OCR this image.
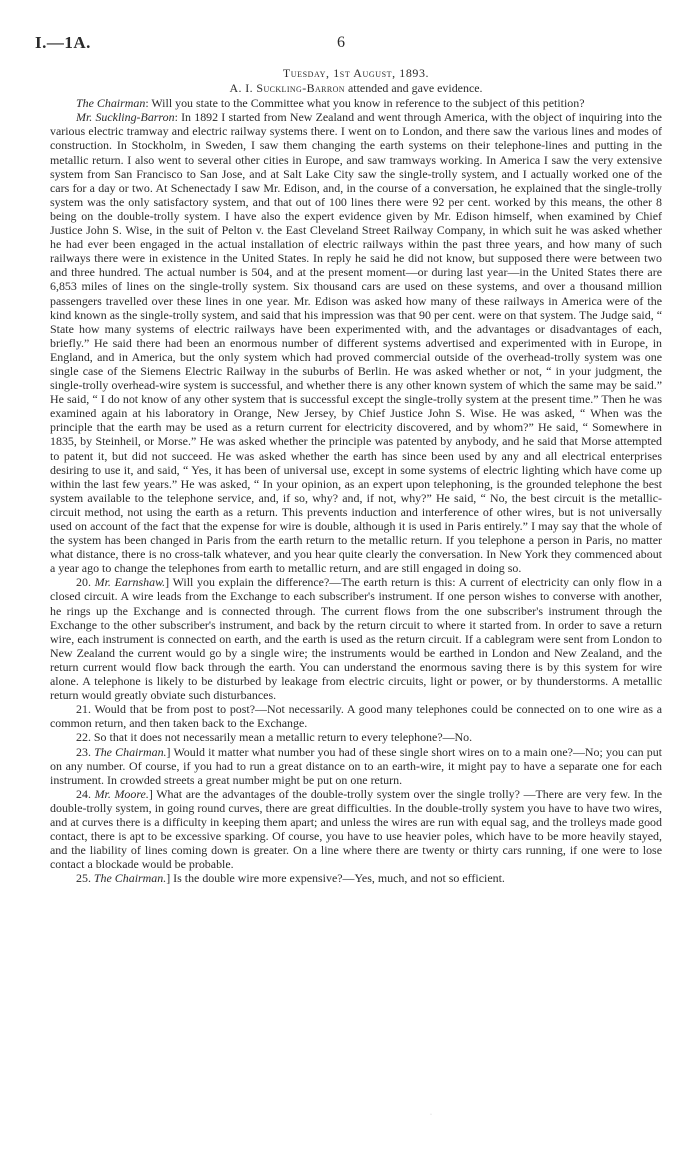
I.—1A.	6
Tuesday, 1st August, 1893.
A. I. Suckling-Barron attended and gave evidence.

The Chairman: Will you state to the Committee what you know in reference to the subject of this petition?

Mr. Suckling-Barron: In 1892 I started from New Zealand and went through America, with the object of inquiring into the various electric tramway and electric railway systems there. I went on to London, and there saw the various lines and modes of construction. In Stockholm, in Sweden, I saw them changing the earth systems on their telephone-lines and putting in the metallic return. I also went to several other cities in Europe, and saw tramways working. In America I saw the very extensive system from San Francisco to San Jose, and at Salt Lake City saw the single-trolly system, and I actually worked one of the cars for a day or two. At Schenectady I saw Mr. Edison, and, in the course of a conversation, he explained that the single-trolly system was the only satisfactory system, and that out of 100 lines there were 92 per cent. worked by this means, the other 8 being on the double-trolly system. I have also the expert evidence given by Mr. Edison himself, when examined by Chief Justice John S. Wise, in the suit of Pelton v. the East Cleveland Street Railway Company, in which suit he was asked whether he had ever been engaged in the actual installation of electric railways within the past three years, and how many of such railways there were in existence in the United States. In reply he said he did not know, but supposed there were between two and three hundred. The actual number is 504, and at the present moment—or during last year—in the United States there are 6,853 miles of lines on the single-trolly system. Six thousand cars are used on these systems, and over a thousand million passengers travelled over these lines in one year. Mr. Edison was asked how many of these railways in America were of the kind known as the single-trolly system, and said that his impression was that 90 per cent. were on that system. The Judge said, “ State how many systems of electric railways have been experimented with, and the advantages or disadvantages of each, briefly.” He said there had been an enormous number of different systems advertised and experimented with in Europe, in England, and in America, but the only system which had proved commercial outside of the overhead-trolly system was one single case of the Siemens Electric Railway in the suburbs of Berlin. He was asked whether or not, “ in your judgment, the single-trolly overhead-wire system is successful, and whether there is any other known system of which the same may be said.” He said, “ I do not know of any other system that is successful except the single-trolly system at the present time.” Then he was examined again at his laboratory in Orange, New Jersey, by Chief Justice John S. Wise. He was asked, “ When was the principle that the earth may be used as a return current for electricity discovered, and by whom?” He said, “ Somewhere in 1835, by Steinheil, or Morse.” He was asked whether the principle was patented by anybody, and he said that Morse attempted to patent it, but did not succeed. He was asked whether the earth has since been used by any and all electrical enterprises desiring to use it, and said, “ Yes, it has been of universal use, except in some systems of electric lighting which have come up within the last few years.” He was asked, “ In your opinion, as an expert upon telephoning, is the grounded telephone the best system available to the telephone service, and, if so, why? and, if not, why?” He said, “ No, the best circuit is the metallic-circuit method, not using the earth as a return. This prevents induction and interference of other wires, but is not universally used on account of the fact that the expense for wire is double, although it is used in Paris entirely.” I may say that the whole of the system has been changed in Paris from the earth return to the metallic return. If you telephone a person in Paris, no matter what distance, there is no cross-talk whatever, and you hear quite clearly the conversation. In New York they commenced about a year ago to change the telephones from earth to metallic return, and are still engaged in doing so.

20. Mr. Earnshaw.] Will you explain the difference?—The earth return is this: A current of electricity can only flow in a closed circuit. A wire leads from the Exchange to each subscriber's instrument. If one person wishes to converse with another, he rings up the Exchange and is connected through. The current flows from the one subscriber's instrument through the Exchange to the other subscriber's instrument, and back by the return circuit to where it started from. In order to save a return wire, each instrument is connected on earth, and the earth is used as the return circuit. If a cablegram were sent from London to New Zealand the current would go by a single wire; the instruments would be earthed in London and New Zealand, and the return current would flow back through the earth. You can understand the enormous saving there is by this system for wire alone. A telephone is likely to be disturbed by leakage from electric circuits, light or power, or by thunderstorms. A metallic return would greatly obviate such disturbances.

21. Would that be from post to post?—Not necessarily. A good many telephones could be connected on to one wire as a common return, and then taken back to the Exchange.

22. So that it does not necessarily mean a metallic return to every telephone?—No.

23. The Chairman.] Would it matter what number you had of these single short wires on to a main one?—No; you can put on any number. Of course, if you had to run a great distance on to an earth-wire, it might pay to have a separate one for each instrument. In crowded streets a great number might be put on one return.

24. Mr. Moore.] What are the advantages of the double-trolly system over the single trolly? —There are very few. In the double-trolly system, in going round curves, there are great difficulties. In the double-trolly system you have to have two wires, and at curves there is a difficulty in keeping them apart; and unless the wires are run with equal sag, and the trolleys made good contact, there is apt to be excessive sparking. Of course, you have to use heavier poles, which have to be more heavily stayed, and the liability of lines coming down is greater. On a line where there are twenty or thirty cars running, if one were to lose contact a blockade would be probable.

25. The Chairman.] Is the double wire more expensive?—Yes, much, and not so efficient.

·
